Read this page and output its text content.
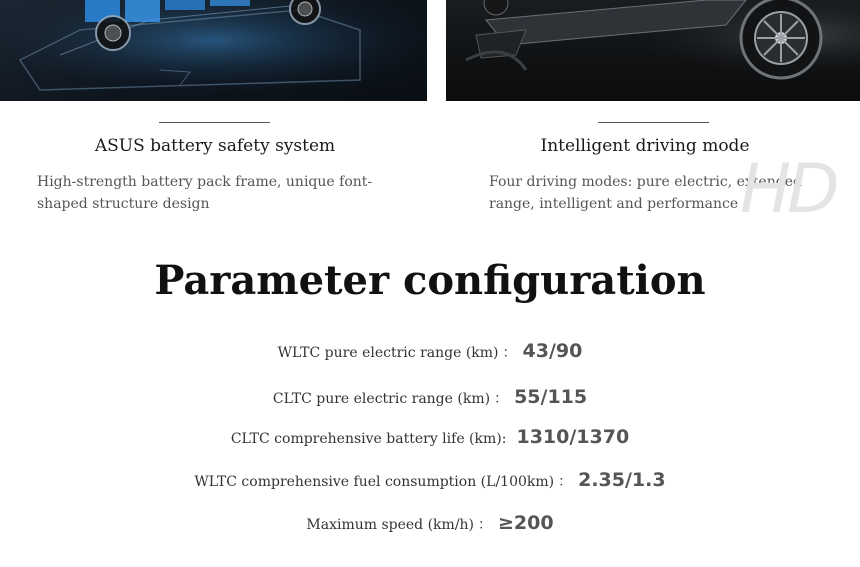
ASUS battery safety system
High-strength battery pack frame, unique font-shaped structure design
Intelligent driving mode
Four driving modes: pure electric, extended range, intelligent and performance HD
Parameter configuration
WLTC pure electric range (km) ： 43/90
CLTC pure electric range (km) ： 55/115
CLTC comprehensive battery life (km): 1310/1370
WLTC comprehensive fuel consumption (L/100km) ： 2.35/1.3
Maximum speed (km/h) ： ≥200
